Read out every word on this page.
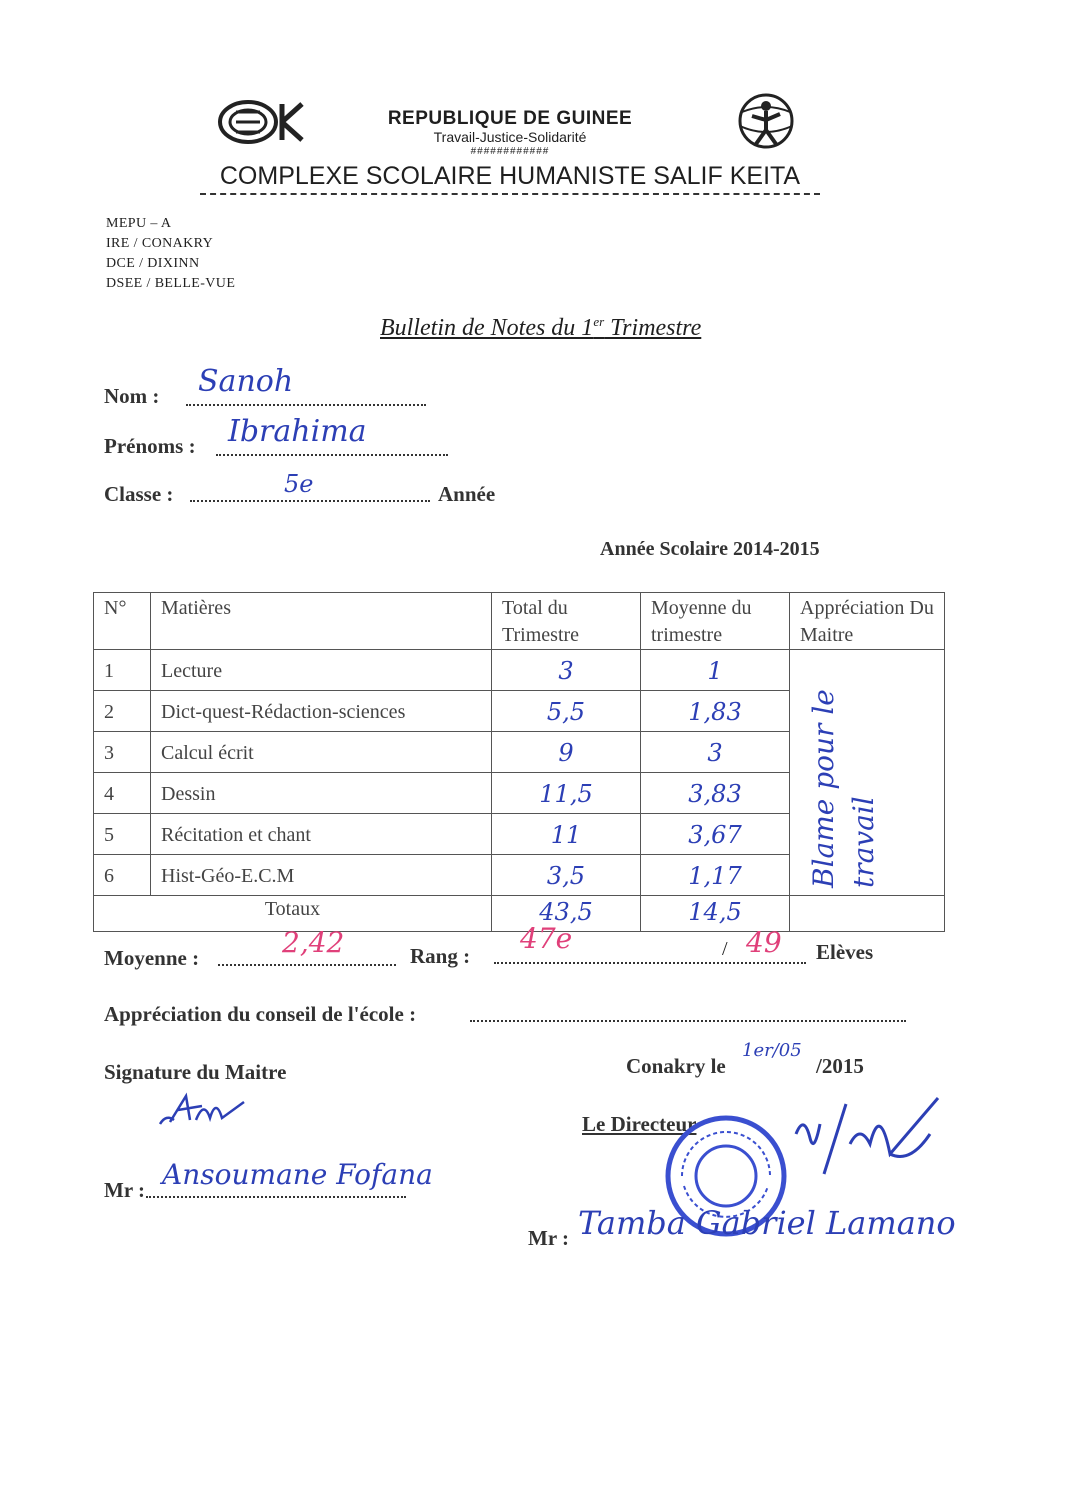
REPUBLIQUE DE GUINEE
Travail-Justice-Solidarité
############
COMPLEXE SCOLAIRE HUMANISTE SALIF KEITA
MEPU – A
IRE / CONAKRY
DCE / DIXINN
DSEE / BELLE-VUE
Bulletin de Notes du 1er Trimestre
Nom : Sanoh
Prénoms : Ibrahima
Classe :	5e	Année
Année Scolaire 2014-2015
N°	Matières	Total du Trimestre	Moyenne du trimestre	Appréciation Du Maitre
1	Lecture	3	1	Blame pour le travail

2	Dict-quest-Rédaction-sciences	5,5	1,83	
3	Calcul écrit	9	3	
4	Dessin	11,5	3,83	
5	Récitation et chant	11	3,67	
6	Hist-Géo-E.C.M	3,5	1,17	
Totaux		43,5	14,5	
Moyenne :	2,42	Rang :
47e	/ 49 Elèves
Appréciation du conseil de l'école :
Signature du Maitre	Conakry le
1er/05
/2015
Mr : Ansoumane Fofana
Le Directeur
Mr : Tamba Gabriel Lamano
